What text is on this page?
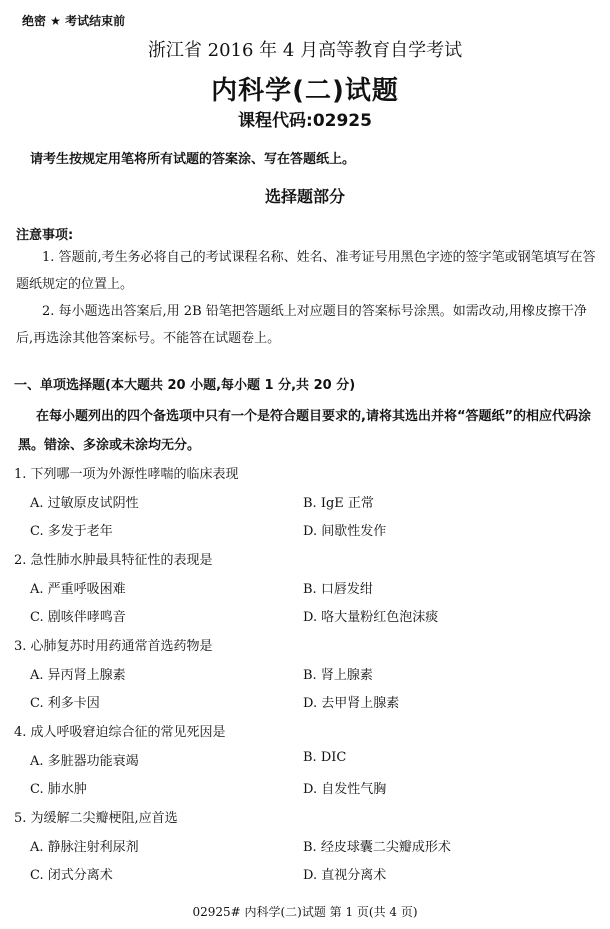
绝密 ★ 考试结束前
浙江省 2016 年 4 月高等教育自学考试
内科学(二)试题
课程代码:02925
请考生按规定用笔将所有试题的答案涂、写在答题纸上。
选择题部分
注意事项:
1. 答题前,考生务必将自己的考试课程名称、姓名、准考证号用黑色字迹的签字笔或钢笔填写在答题纸规定的位置上。
2. 每小题选出答案后,用 2B 铅笔把答题纸上对应题目的答案标号涂黑。如需改动,用橡皮擦干净后,再选涂其他答案标号。不能答在试题卷上。
一、单项选择题(本大题共 20 小题,每小题 1 分,共 20 分)
在每小题列出的四个备选项中只有一个是符合题目要求的,请将其选出并将“答题纸”的相应代码涂黑。错涂、多涂或未涂均无分。
1. 下列哪一项为外源性哮喘的临床表现
A. 过敏原皮试阴性	B. IgE 正常
C. 多发于老年	D. 间歇性发作
2. 急性肺水肿最具特征性的表现是
A. 严重呼吸困难	B. 口唇发绀
C. 剧咳伴哮鸣音	D. 咯大量粉红色泡沫痰
3. 心肺复苏时用药通常首选药物是
A. 异丙肾上腺素	B. 肾上腺素
C. 利多卡因	D. 去甲肾上腺素
4. 成人呼吸窘迫综合征的常见死因是
A. 多脏器功能衰竭	B. DIC
C. 肺水肿	D. 自发性气胸
5. 为缓解二尖瓣梗阻,应首选
A. 静脉注射利尿剂	B. 经皮球囊二尖瓣成形术
C. 闭式分离术	D. 直视分离术
02925# 内科学(二)试题 第 1 页(共 4 页)
